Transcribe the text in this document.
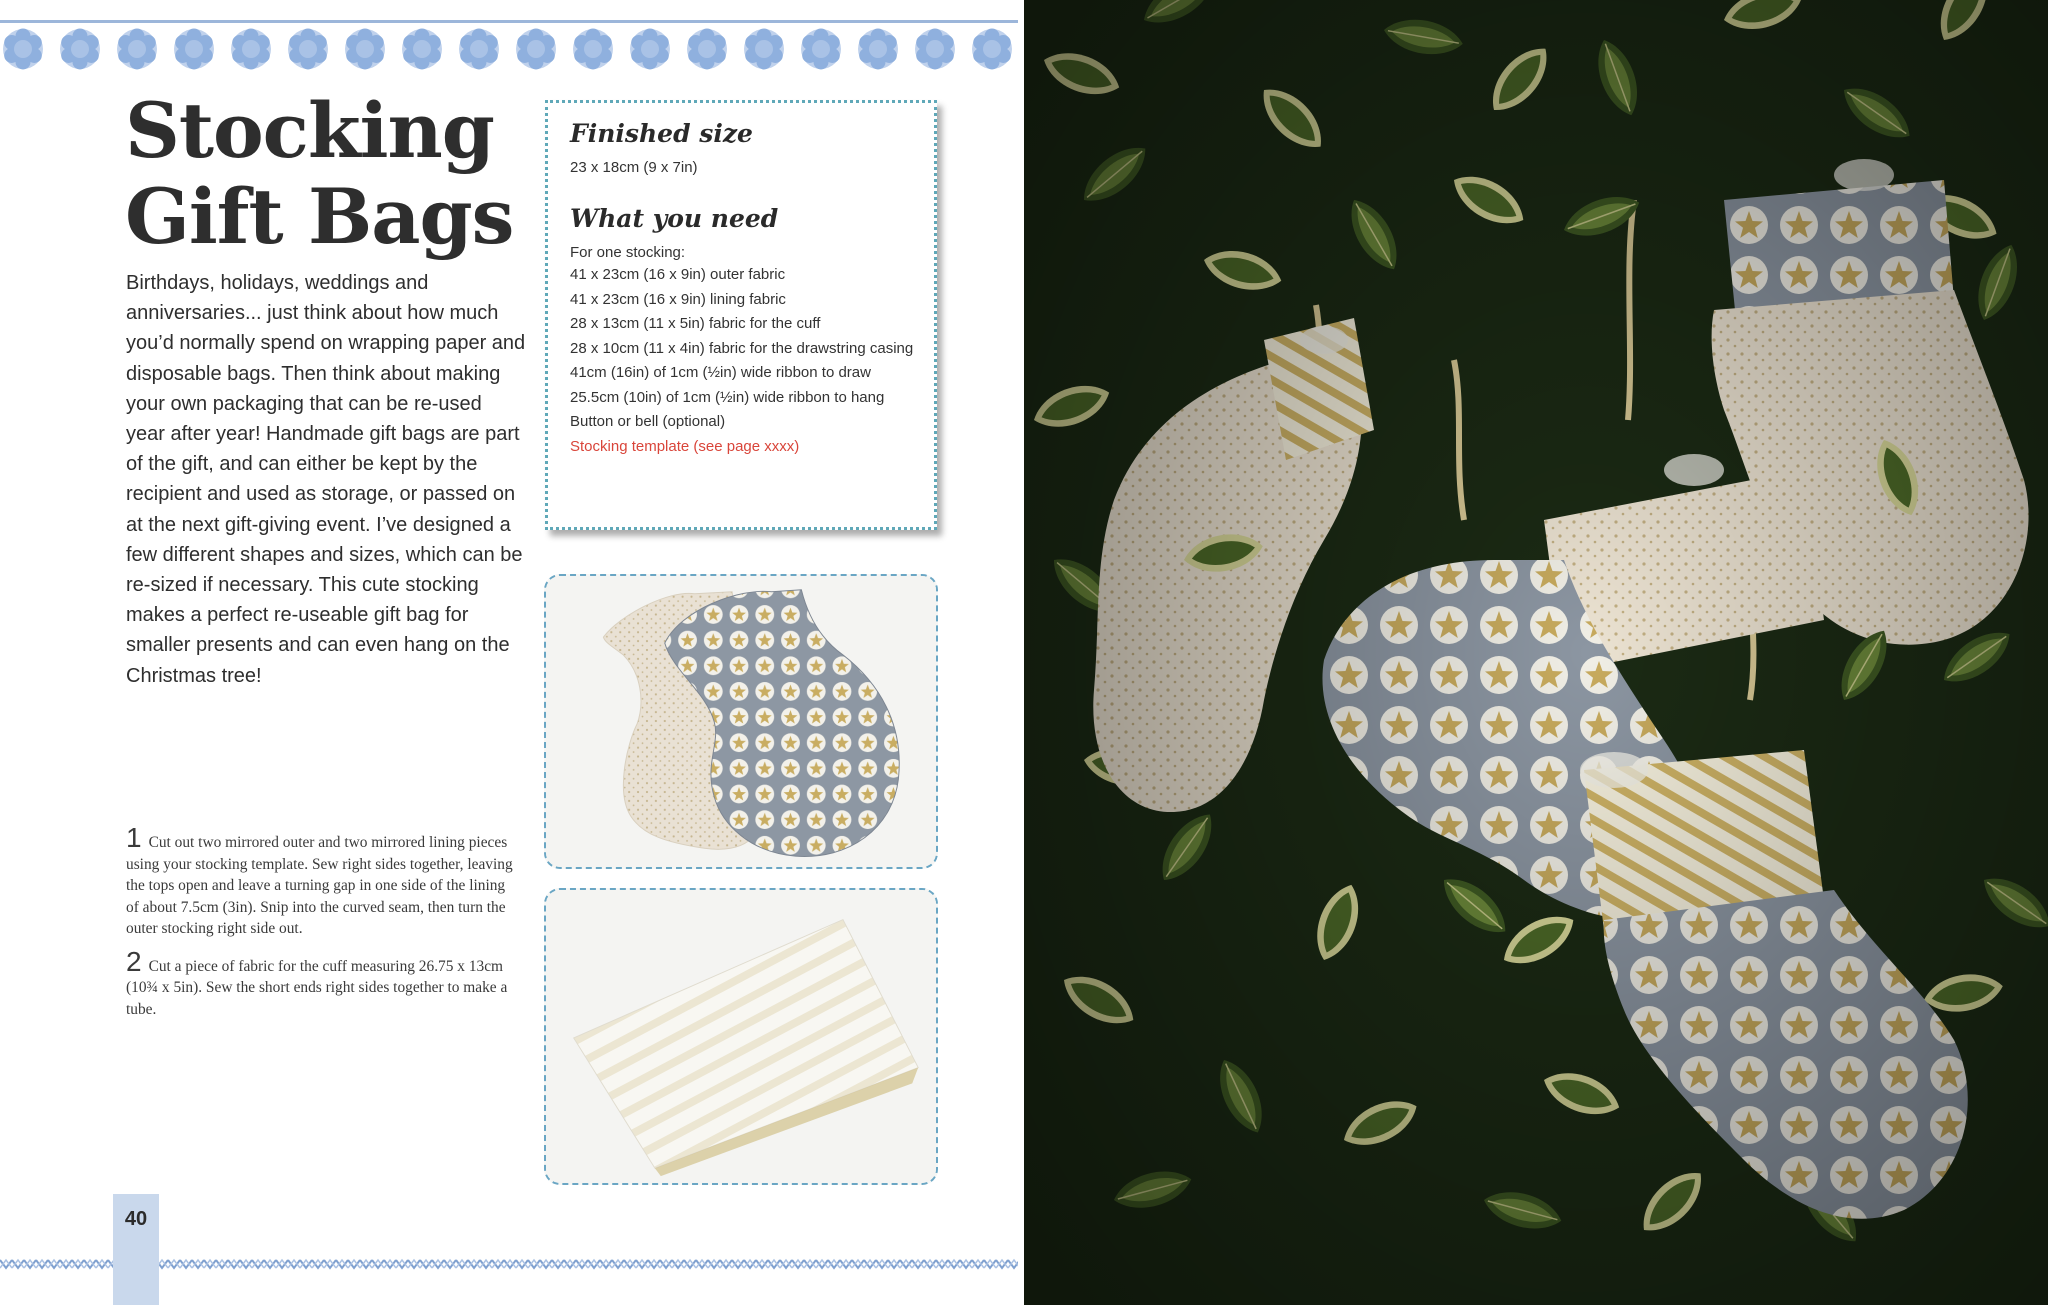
Stocking
Gift Bags

Birthdays, holidays, weddings and anniversaries... just think about how much you’d normally spend on wrapping paper and disposable bags. Then think about making your own packaging that can be re-used year after year! Handmade gift bags are part of the gift, and can either be kept by the recipient and used as storage, or passed on at the next gift-giving event. I’ve designed a few different shapes and sizes, which can be re-sized if necessary. This cute stocking makes a perfect re-useable gift bag for smaller presents and can even hang on the Christmas tree!

Finished size

23 x 18cm (9 x 7in)

What you need

For one stocking:

41 x 23cm (16 x 9in) outer fabric
41 x 23cm (16 x 9in) lining fabric
28 x 13cm (11 x 5in) fabric for the cuff
28 x 10cm (11 x 4in) fabric for the drawstring casing
41cm (16in) of 1cm (½in) wide ribbon to draw
25.5cm (10in) of 1cm (½in) wide ribbon to hang
Button or bell (optional)
Stocking template (see page xxxx)

1 Cut out two mirrored outer and two mirrored lining pieces using your stocking template. Sew right sides together, leaving the tops open and leave a turning gap in one side of the lining of about 7.5cm (3in). Snip into the curved seam, then turn the outer stocking right side out.

2 Cut a piece of fabric for the cuff measuring 26.75 x 13cm (10¾ x 5in). Sew the short ends right sides together to make a tube.

40
